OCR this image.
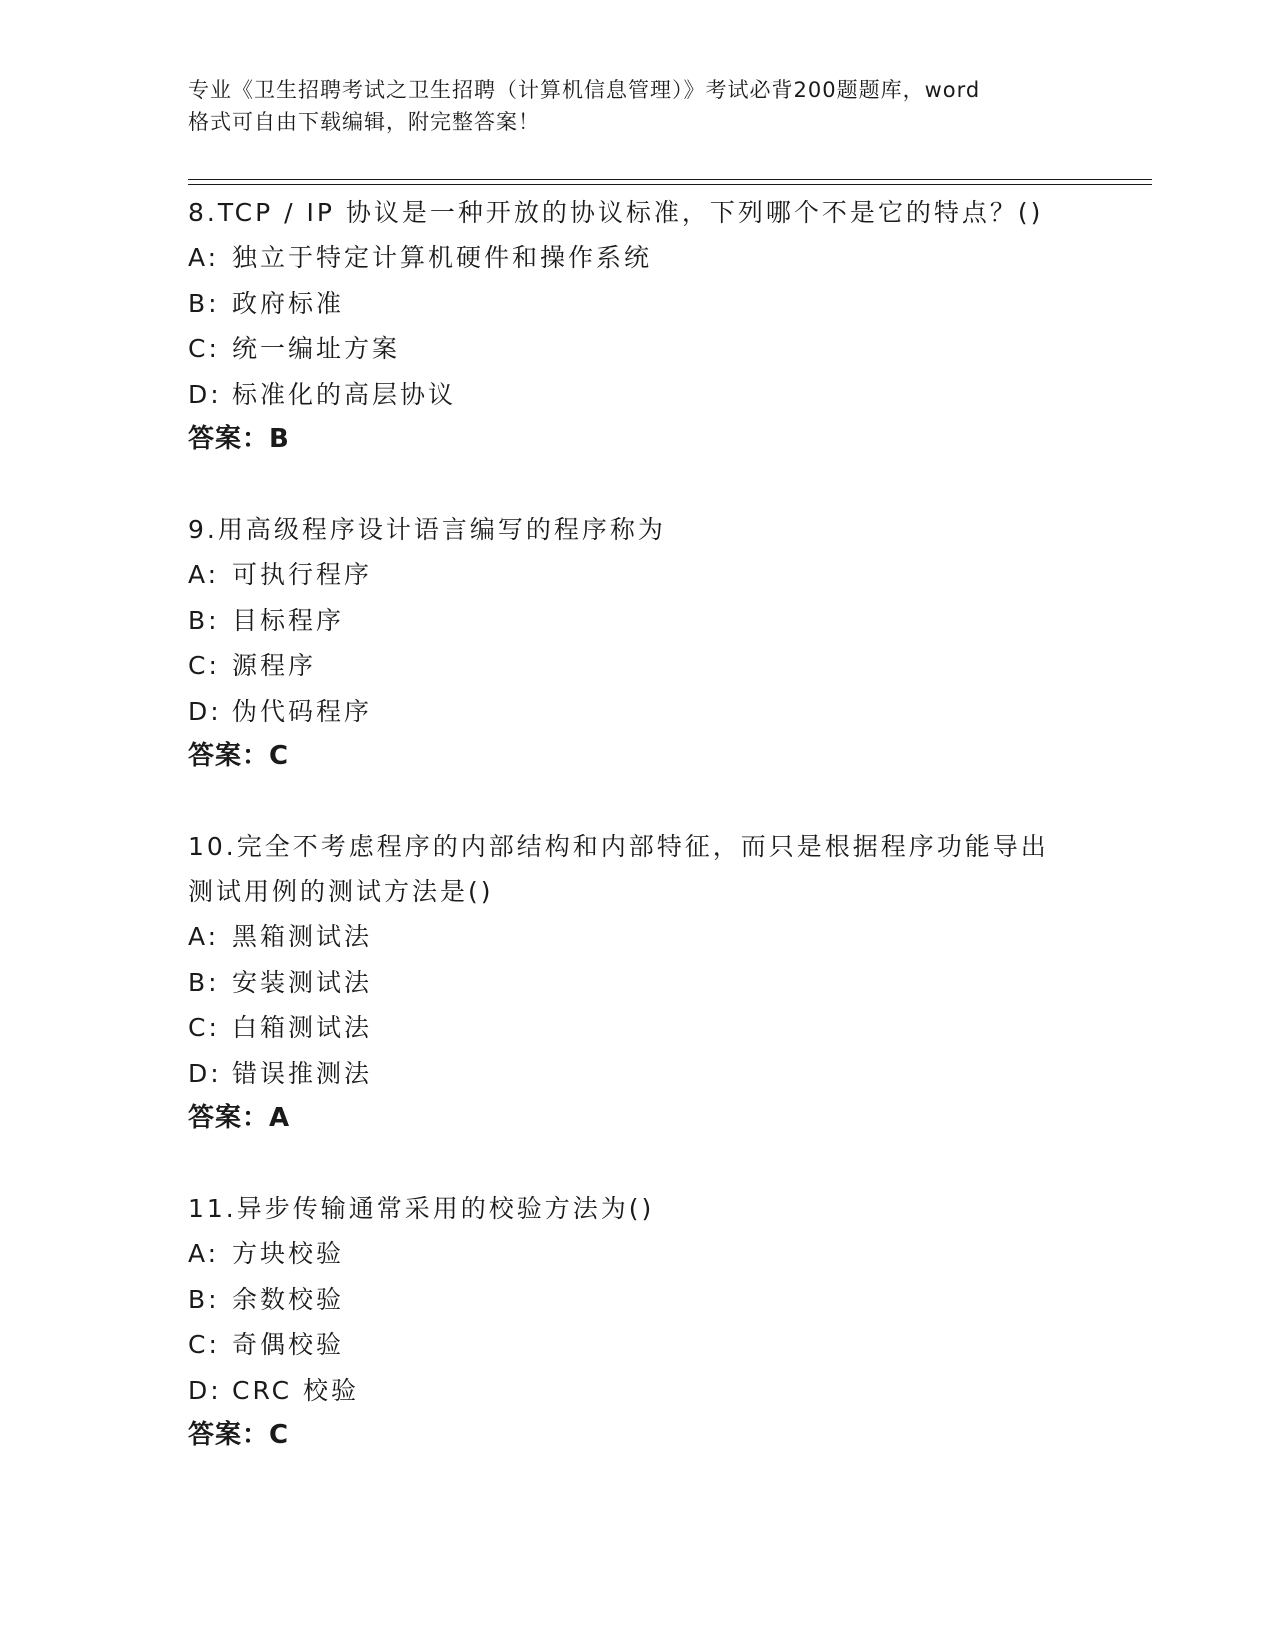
专业《卫生招聘考试之卫生招聘（计算机信息管理）》考试必背200题题库，word
格式可自由下载编辑，附完整答案！
8.TCP / IP 协议是一种开放的协议标准，下列哪个不是它的特点？()
A: 独立于特定计算机硬件和操作系统
B: 政府标准
C: 统一编址方案
D: 标准化的高层协议
答案：B
9.用高级程序设计语言编写的程序称为
A: 可执行程序
B: 目标程序
C: 源程序
D: 伪代码程序
答案：C
10.完全不考虑程序的内部结构和内部特征，而只是根据程序功能导出
测试用例的测试方法是()
A: 黑箱测试法
B: 安装测试法
C: 白箱测试法
D: 错误推测法
答案：A
11.异步传输通常采用的校验方法为()
A: 方块校验
B: 余数校验
C: 奇偶校验
D: CRC 校验
答案：C
